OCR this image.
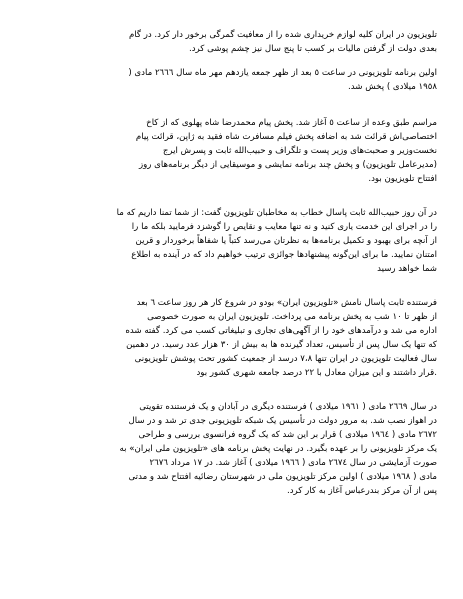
تلویزیون در ایران کلیه لوازم خریداری شده را از معافیت گمرگی برخور دار کرد. در گام
بعدی دولت از گرفتن مالیات بر کسب تا پنج سال نیز چشم پوشی کرد.

اولین برنامه تلویزیونی در ساعت ٥ بعد از ظهر جمعه یازدهم مهر ماه سال ٢٦٦٦ مادی (
١٩٥٨ میلادی ) پخش شد.

مراسم طبق وعده از ساعت ٥ آغاز شد. پخش پیام محمدرضا شاه پهلوی که از کاخ
اختصاصی‌اش قرائت شد به اضافه پخش فیلم مسافرت شاه فقید به ژاپن، قرائت پیام
نخست‌وزیر و صحبت‌های وزیر پست و تلگراف و حبیب‌الله ثابت و پسرش ایرج
(مدیرعامل تلویزیون) و پخش چند برنامه نمایشی و موسیقایی از دیگر برنامه‌های روز
افتتاح تلویزیون بود.

در آن روز حبیب‌الله ثابت پاسال خطاب به مخاطبان تلویزیون گفت: از شما تمنا داریم که ما
را در اجرای این خدمت یاری کنید و نه تنها معایب و نقایص را گوشزد فرمایید بلکه ما را
از آنچه برای بهبود و تکمیل برنامه‌ها به نظرتان می‌رسد کتباً یا شفاهاً برخوردار و قرین
امتنان نمایید. ما برای این‌گونه پیشنهادها جوائزی ترتیب خواهیم داد که در آینده به اطلاع
شما خواهد رسید

فرستنده ثابت پاسال نامش «تلویزیون ایران» بودو در شروع کار هر روز ساعت ٦ بعد
از ظهر تا ١٠ شب به پخش برنامه می پرداخت. تلویزیون ایران به صورت خصوصی
اداره می شد و درآمدهای خود را از آگهی‌های تجاری و تبلیغاتی کسب می کرد. گفته شده
که تنها یک سال پس از تأسیس، تعداد گیرنده ها به بیش از ٣٠ هزار عدد رسید. در دهمین
سال فعالیت تلویزیون در ایران تنها ٧،٨ درسد از جمعیت کشور تحت پوشش تلویزیونی
.قرار داشتند و این میزان معادل با ٢٢ درصد جامعه شهری کشور بود

در سال ٢٦٦٩ مادی ( ١٩٦١ میلادی ) فرستنده دیگری در آبادان و یک فرستنده تقویتی
در اهواز نصب شد. به مرور دولت در تأسیس یک شبکه تلویزیونی جدی تر شد و در سال
٢٦٧٢ مادی ( ١٩٦٤ میلادی ) قرار بر این شد که یک گروه فرانسوی بررسی و طراحی
یک مرکز تلویزیونی را بر عهده بگیرد. در نهایت پخش برنامه های «تلویزیون ملی ایران» به
صورت آزمایشی در سال ٢٦٧٤ مادی ( ١٩٦٦ میلادی ) آغاز شد. در ١٧ مرداد ٢٦٧٦
مادی ( ١٩٦٨ میلادی ) اولین مرکز تلویزیون ملی در شهرستان رضائیه افتتاح شد و مدتی
پس از آن مرکز بندرعباس آغاز به کار کرد.
